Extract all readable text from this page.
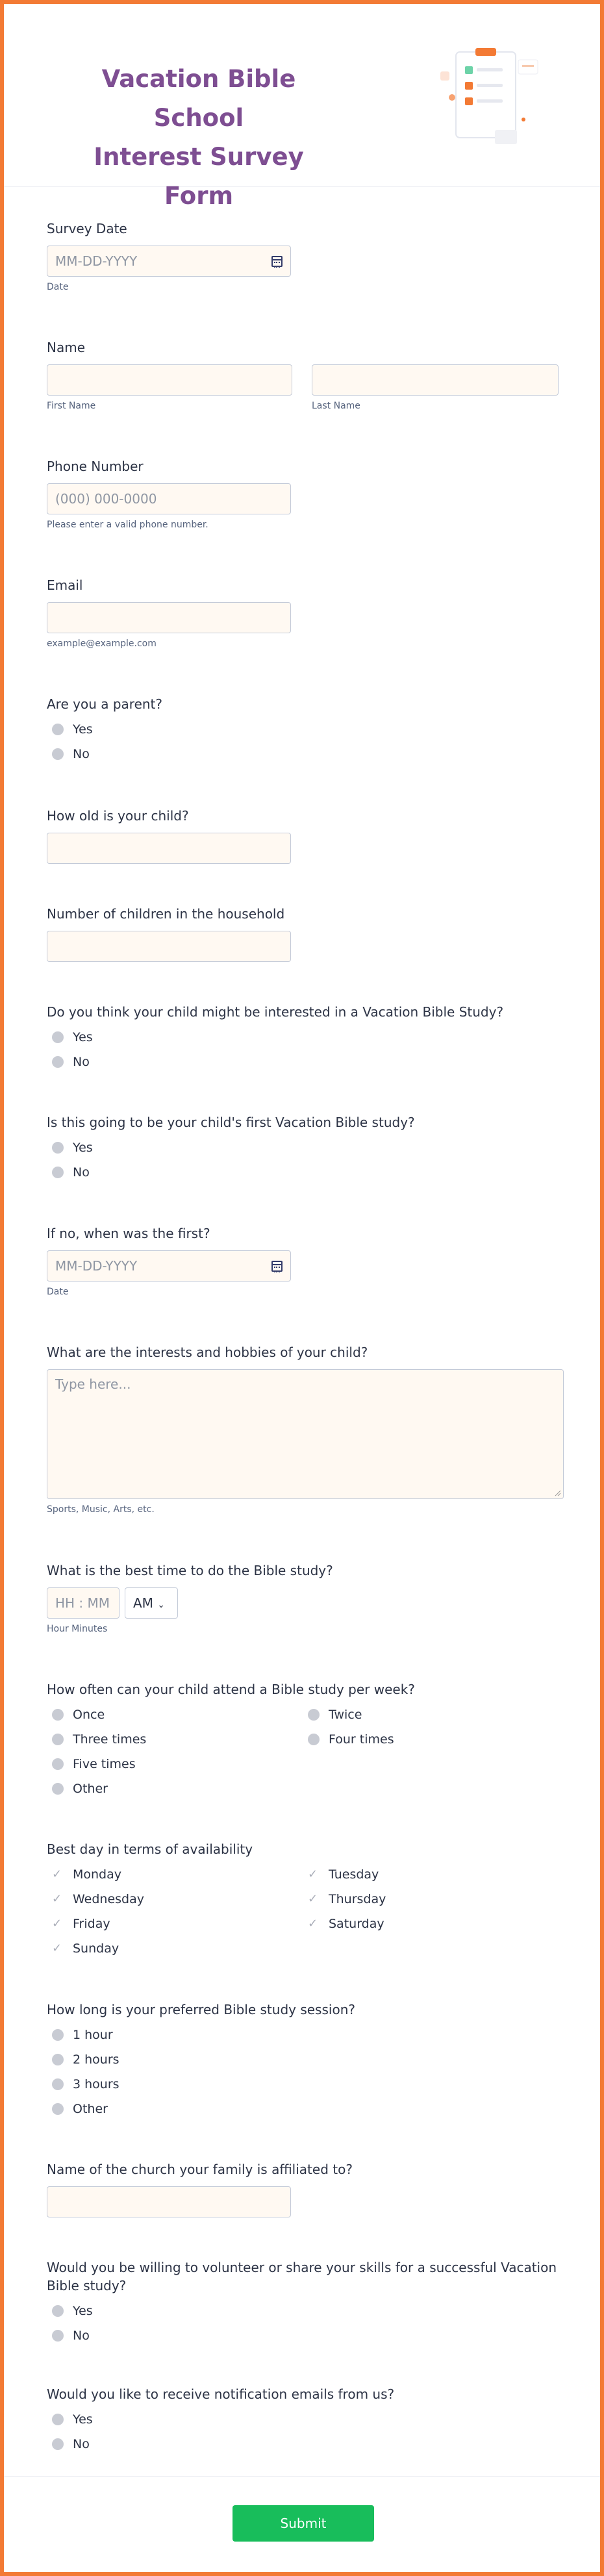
Vacation Bible School
Interest Survey Form
Survey Date
MM-DD-YYYY
Date
Name
First Name	Last Name
Phone Number
(000) 000-0000
Please enter a valid phone number.
Email
example@example.com
Are you a parent?
Yes
No
How old is your child?
Number of children in the household
Do you think your child might be interested in a Vacation Bible Study?
Yes
No
Is this going to be your child's first Vacation Bible study?
Yes
No
If no, when was the first?
MM-DD-YYYY
Date
What are the interests and hobbies of your child?
Type here...
Sports, Music, Arts, etc.
What is the best time to do the Bible study?
HH : MM AM ⌄
Hour Minutes
How often can your child attend a Bible study per week?
Once	Twice
Three times	Four times
Five times
Other
Best day in terms of availability
✓ Monday	✓ Tuesday
✓ Wednesday	✓ Thursday
✓ Friday	✓ Saturday
✓ Sunday
How long is your preferred Bible study session?
1 hour
2 hours
3 hours
Other
Name of the church your family is affiliated to?
Would you be willing to volunteer or share your skills for a successful Vacation
Bible study?
Yes
No
Would you like to receive notification emails from us?
Yes
No
Submit
